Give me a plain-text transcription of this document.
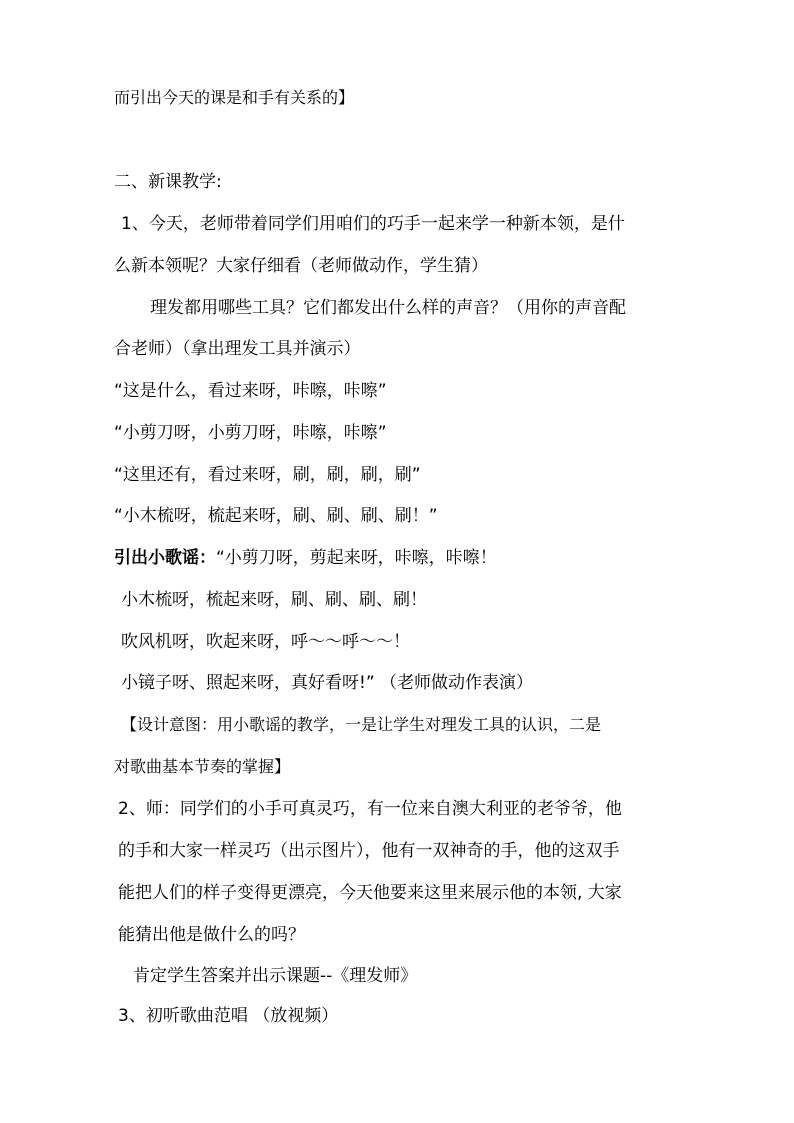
而引出今天的课是和手有关系的】
二、新课教学:
1、今天，老师带着同学们用咱们的巧手一起来学一种新本领，是什
么新本领呢？大家仔细看（老师做动作，学生猜）
理发都用哪些工具？它们都发出什么样的声音？（用你的声音配
合老师）（拿出理发工具并演示）
“这是什么，看过来呀，咔嚓，咔嚓”
“小剪刀呀，小剪刀呀，咔嚓，咔嚓”
“这里还有，看过来呀，刷，刷，刷，刷”
“小木梳呀，梳起来呀，刷、刷、刷、刷！”
引出小歌谣：“小剪刀呀，剪起来呀，咔嚓，咔嚓！
小木梳呀，梳起来呀，刷、刷、刷、刷！
吹风机呀，吹起来呀，呼～～呼～～！
小镜子呀、照起来呀，真好看呀!” （老师做动作表演）
【设计意图：用小歌谣的教学，一是让学生对理发工具的认识，二是
对歌曲基本节奏的掌握】
2、师：同学们的小手可真灵巧，有一位来自澳大利亚的老爷爷，他
的手和大家一样灵巧（出示图片），他有一双神奇的手，他的这双手
能把人们的样子变得更漂亮，今天他要来这里来展示他的本领, 大家
能猜出他是做什么的吗？
肯定学生答案并出示课题--《理发师》
3、初听歌曲范唱 （放视频）
